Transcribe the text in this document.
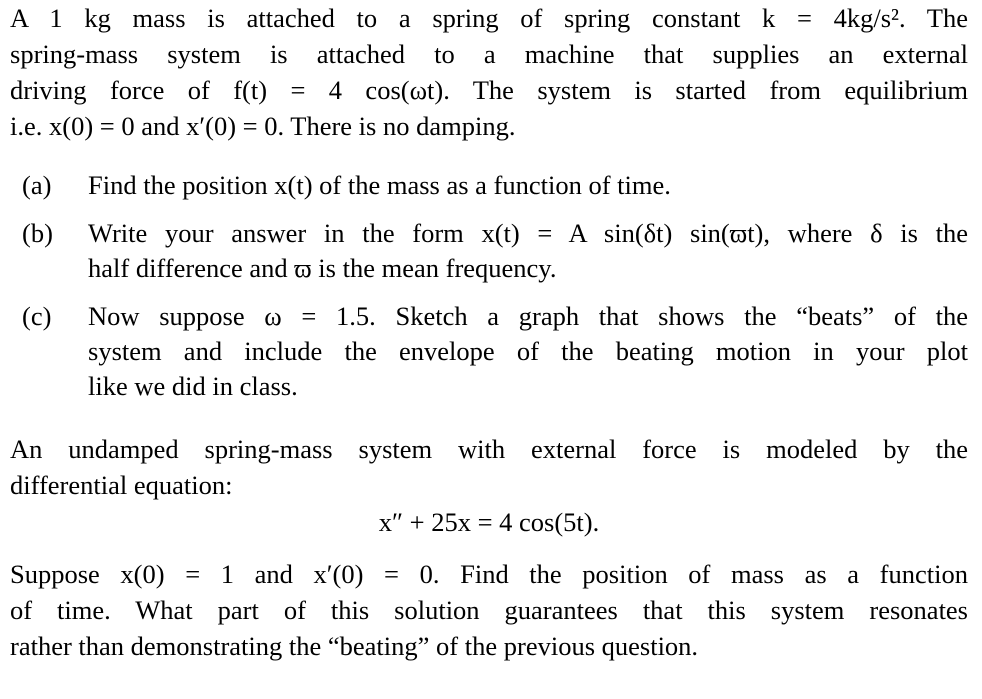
A 1 kg mass is attached to a spring of spring constant k = 4kg/s². The
spring-mass system is attached to a machine that supplies an external
driving force of f(t) = 4 cos(ωt). The system is started from equilibrium
i.e. x(0) = 0 and x′(0) = 0. There is no damping.
(a)	Find the position x(t) of the mass as a function of time.
(b)	Write your answer in the form x(t) = A sin(δt) sin(ϖt), where δ is the
half difference and ϖ is the mean frequency.
(c)	Now suppose ω = 1.5. Sketch a graph that shows the “beats” of the
system and include the envelope of the beating motion in your plot
like we did in class.
An undamped spring-mass system with external force is modeled by the
differential equation:
x″ + 25x = 4 cos(5t).
Suppose x(0) = 1 and x′(0) = 0. Find the position of mass as a function
of time. What part of this solution guarantees that this system resonates
rather than demonstrating the “beating” of the previous question.
